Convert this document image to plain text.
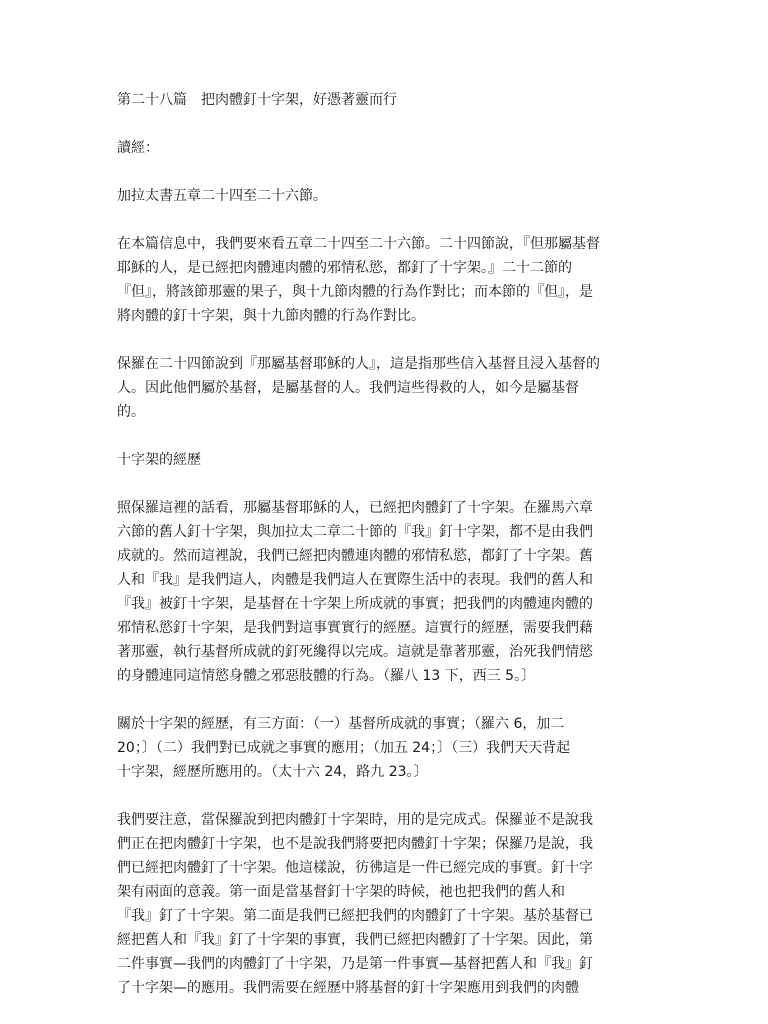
第二十八篇　把肉體釘十字架，好憑著靈而行
讀經：
加拉太書五章二十四至二十六節。
在本篇信息中，我們要來看五章二十四至二十六節。二十四節說，『但那屬基督
耶穌的人，是已經把肉體連肉體的邪情私慾，都釘了十字架。』二十二節的
『但』，將該節那靈的果子，與十九節肉體的行為作對比；而本節的『但』，是
將肉體的釘十字架，與十九節肉體的行為作對比。
保羅在二十四節說到『那屬基督耶穌的人』，這是指那些信入基督且浸入基督的
人。因此他們屬於基督，是屬基督的人。我們這些得救的人，如今是屬基督
的。
十字架的經歷
照保羅這裡的話看，那屬基督耶穌的人，已經把肉體釘了十字架。在羅馬六章
六節的舊人釘十字架，與加拉太二章二十節的『我』釘十字架，都不是由我們
成就的。然而這裡說，我們已經把肉體連肉體的邪情私慾，都釘了十字架。舊
人和『我』是我們這人，肉體是我們這人在實際生活中的表現。我們的舊人和
『我』被釘十字架，是基督在十字架上所成就的事實；把我們的肉體連肉體的
邪情私慾釘十字架，是我們對這事實實行的經歷。這實行的經歷，需要我們藉
著那靈，執行基督所成就的釘死纔得以完成。這就是靠著那靈，治死我們情慾
的身體連同這情慾身體之邪惡肢體的行為。（羅八 13 下，西三 5。〕
關於十字架的經歷，有三方面：（一）基督所成就的事實；（羅六 6，加二
20；〕（二）我們對已成就之事實的應用；（加五 24；〕（三）我們天天背起
十字架，經歷所應用的。（太十六 24，路九 23。〕
我們要注意，當保羅說到把肉體釘十字架時，用的是完成式。保羅並不是說我
們正在把肉體釘十字架，也不是說我們將要把肉體釘十字架；保羅乃是說，我
們已經把肉體釘了十字架。他這樣說，彷彿這是一件已經完成的事實。釘十字
架有兩面的意義。第一面是當基督釘十字架的時候，祂也把我們的舊人和
『我』釘了十字架。第二面是我們已經把我們的肉體釘了十字架。基於基督已
經把舊人和『我』釘了十字架的事實，我們已經把肉體釘了十字架。因此，第
二件事實—我們的肉體釘了十字架，乃是第一件事實—基督把舊人和『我』釘
了十字架—的應用。我們需要在經歷中將基督的釘十字架應用到我們的肉體
